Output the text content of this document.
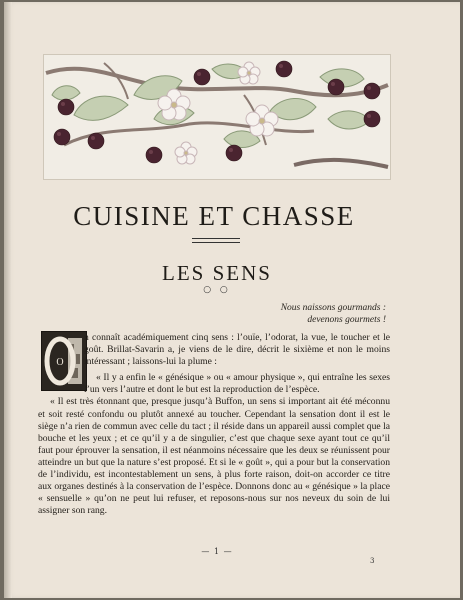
CUISINE ET CHASSE
LES SENS
○ ○
Nous naissons gourmands :
devenons gourmets !
O

n connaît académiquement cinq sens : l’ouïe, l’odorat, la vue, le toucher et le goût. Brillat-Savarin a, je viens de le dire, décrit le sixième et non le moins intéressant ; laissons-lui la plume :

« Il y a enfin le « génésique » ou « amour physique », qui entraîne les sexes l’un vers l’autre et dont le but est la reproduction de l’espèce.

« Il est très étonnant que, presque jusqu’à Buffon, un sens si important ait été méconnu et soit resté confondu ou plutôt annexé au toucher. Cependant la sensation dont il est le siège n’a rien de commun avec celle du tact ; il réside dans un appareil aussi complet que la bouche et les yeux ; et ce qu’il y a de singulier, c’est que chaque sexe ayant tout ce qu’il faut pour éprouver la sensation, il est néanmoins nécessaire que les deux se réunissent pour atteindre un but que la nature s’est proposé. Et si le « goût », qui a pour but la conservation de l’individu, est incontestablement un sens, à plus forte raison, doit-on accorder ce titre aux organes destinés à la conservation de l’espèce. Donnons donc au « génésique » la place « sensuelle » qu’on ne peut lui refuser, et reposons-nous sur nos neveux du soin de lui assigner son rang.

— 1 —
3
